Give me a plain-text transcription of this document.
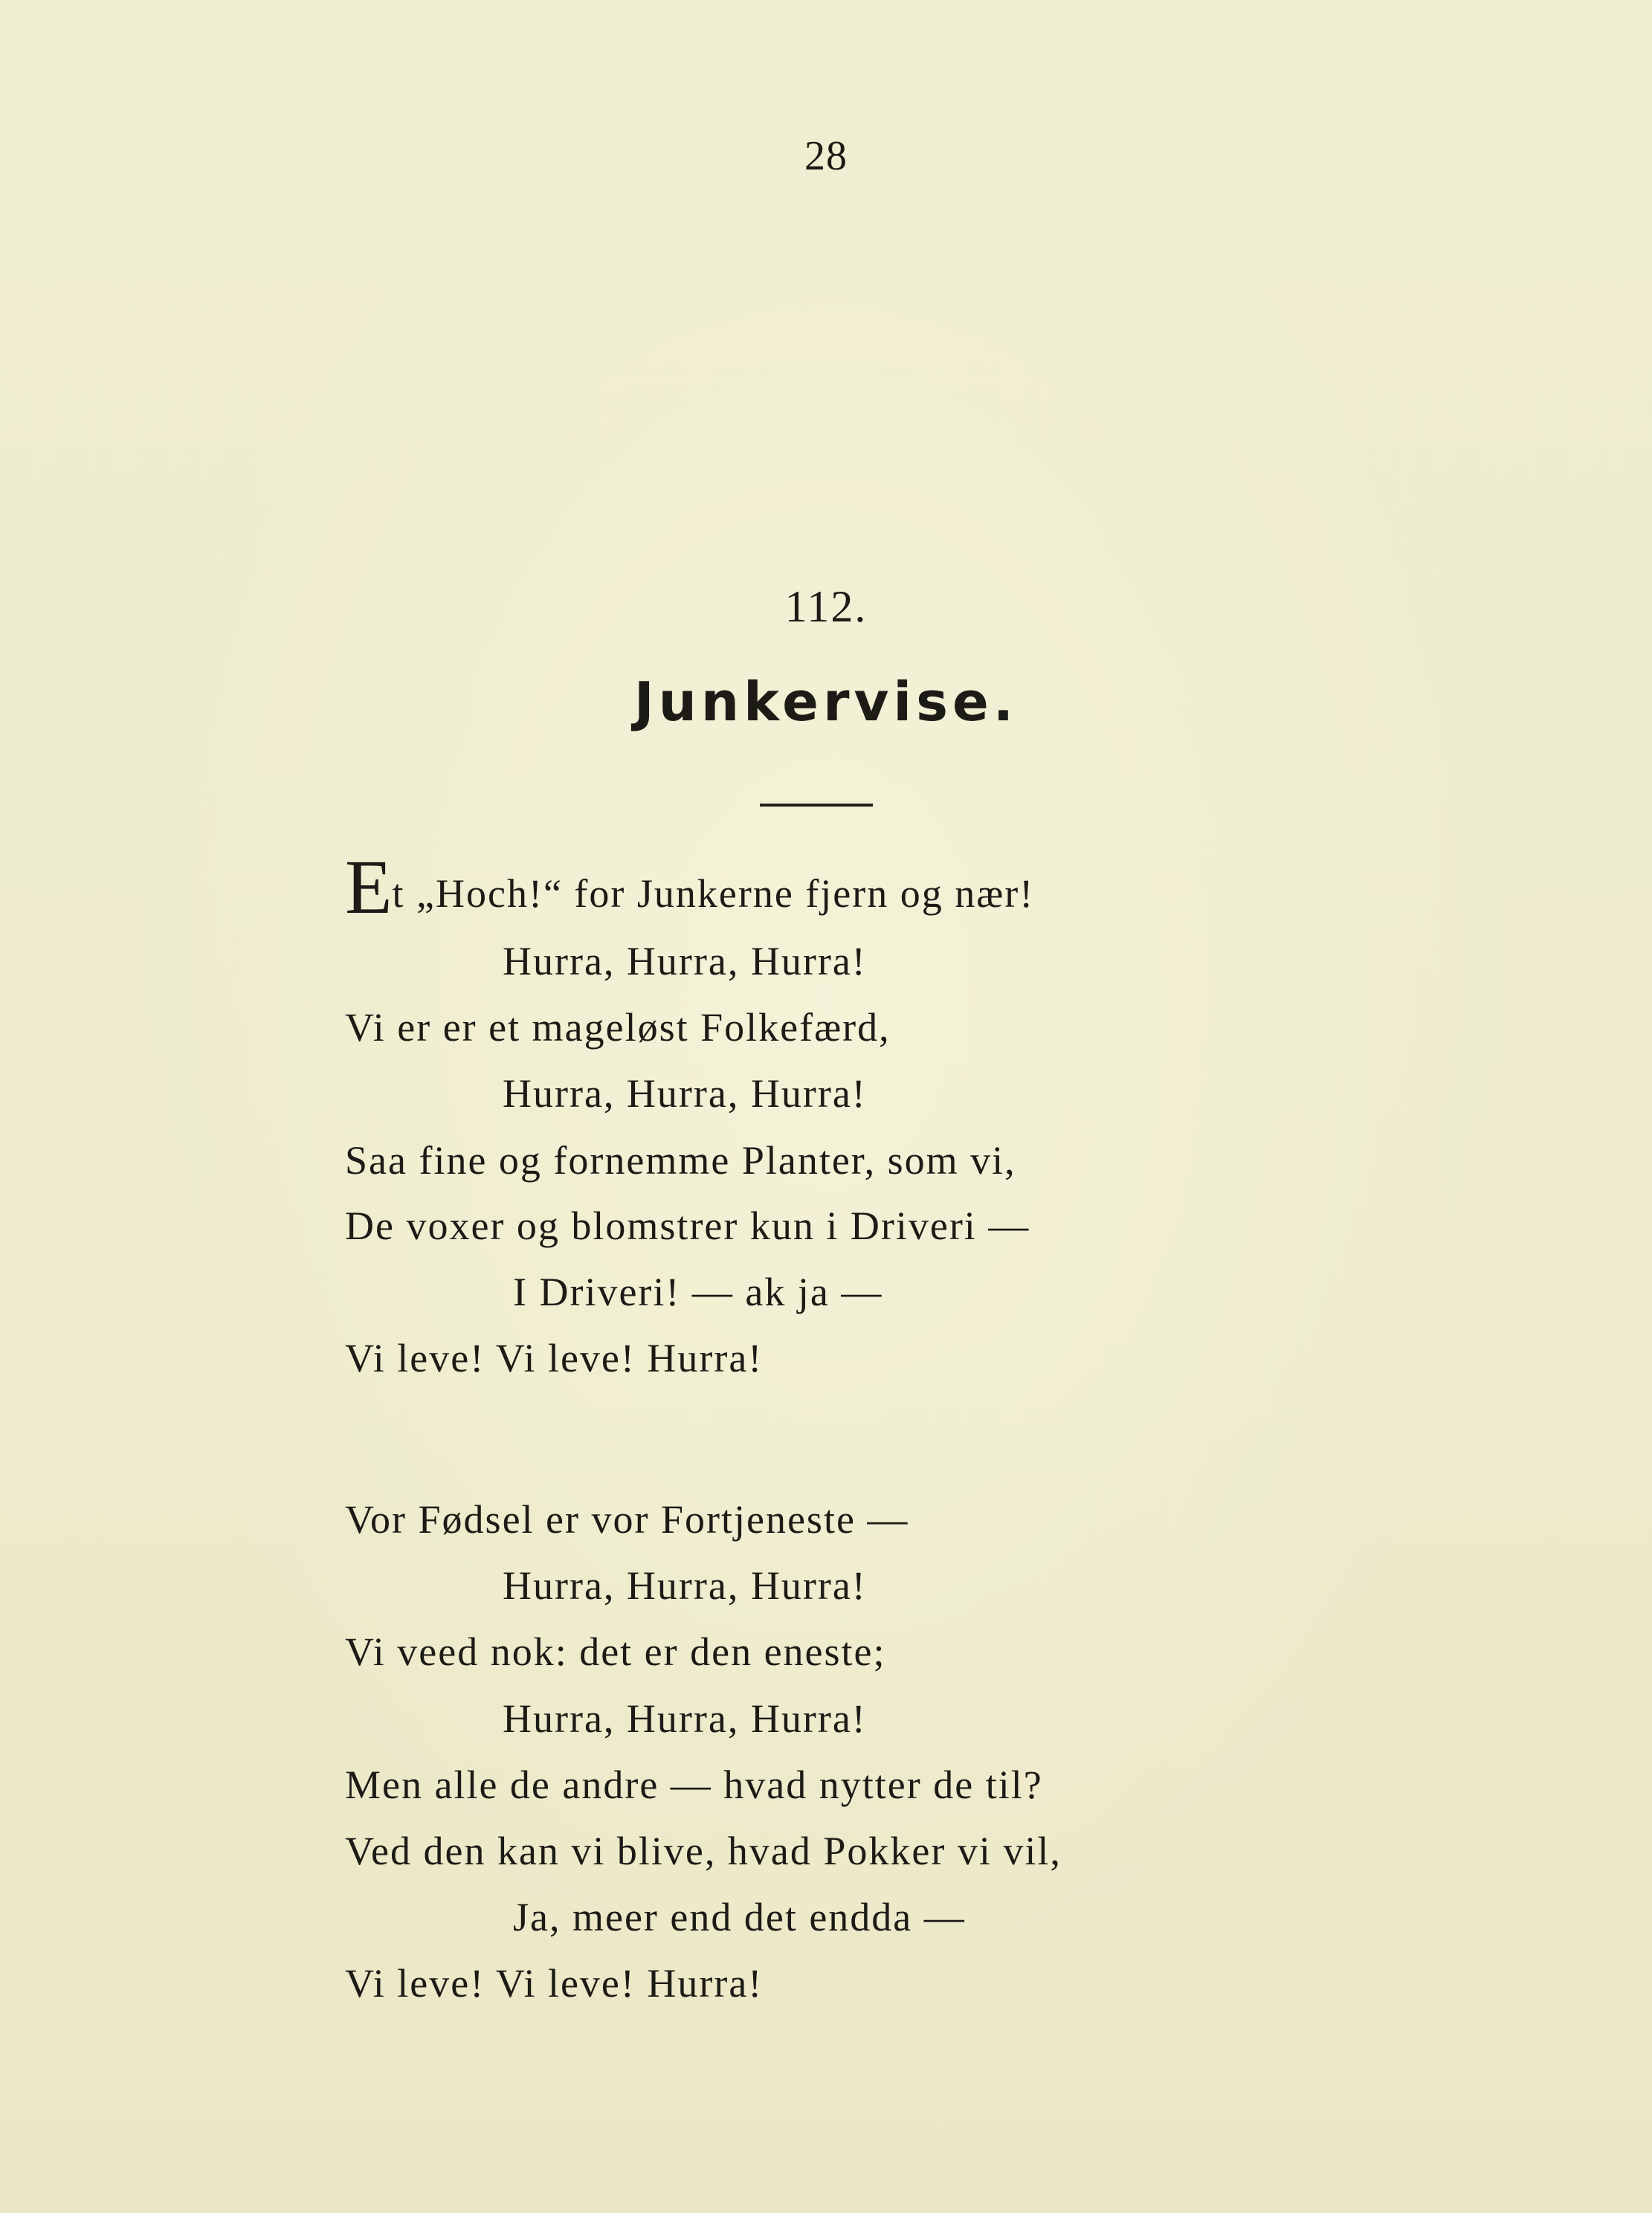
28
112.
Junkervise.
Et „Hoch!“ for Junkerne fjern og nær!
Hurra, Hurra, Hurra!
Vi er er et mageløst Folkefærd,
Hurra, Hurra, Hurra!
Saa fine og fornemme Planter, som vi,
De voxer og blomstrer kun i Driveri —
I Driveri! — ak ja —
Vi leve! Vi leve! Hurra!
Vor Fødsel er vor Fortjeneste —
Hurra, Hurra, Hurra!
Vi veed nok: det er den eneste;
Hurra, Hurra, Hurra!
Men alle de andre — hvad nytter de til?
Ved den kan vi blive, hvad Pokker vi vil,
Ja, meer end det endda —
Vi leve! Vi leve! Hurra!
